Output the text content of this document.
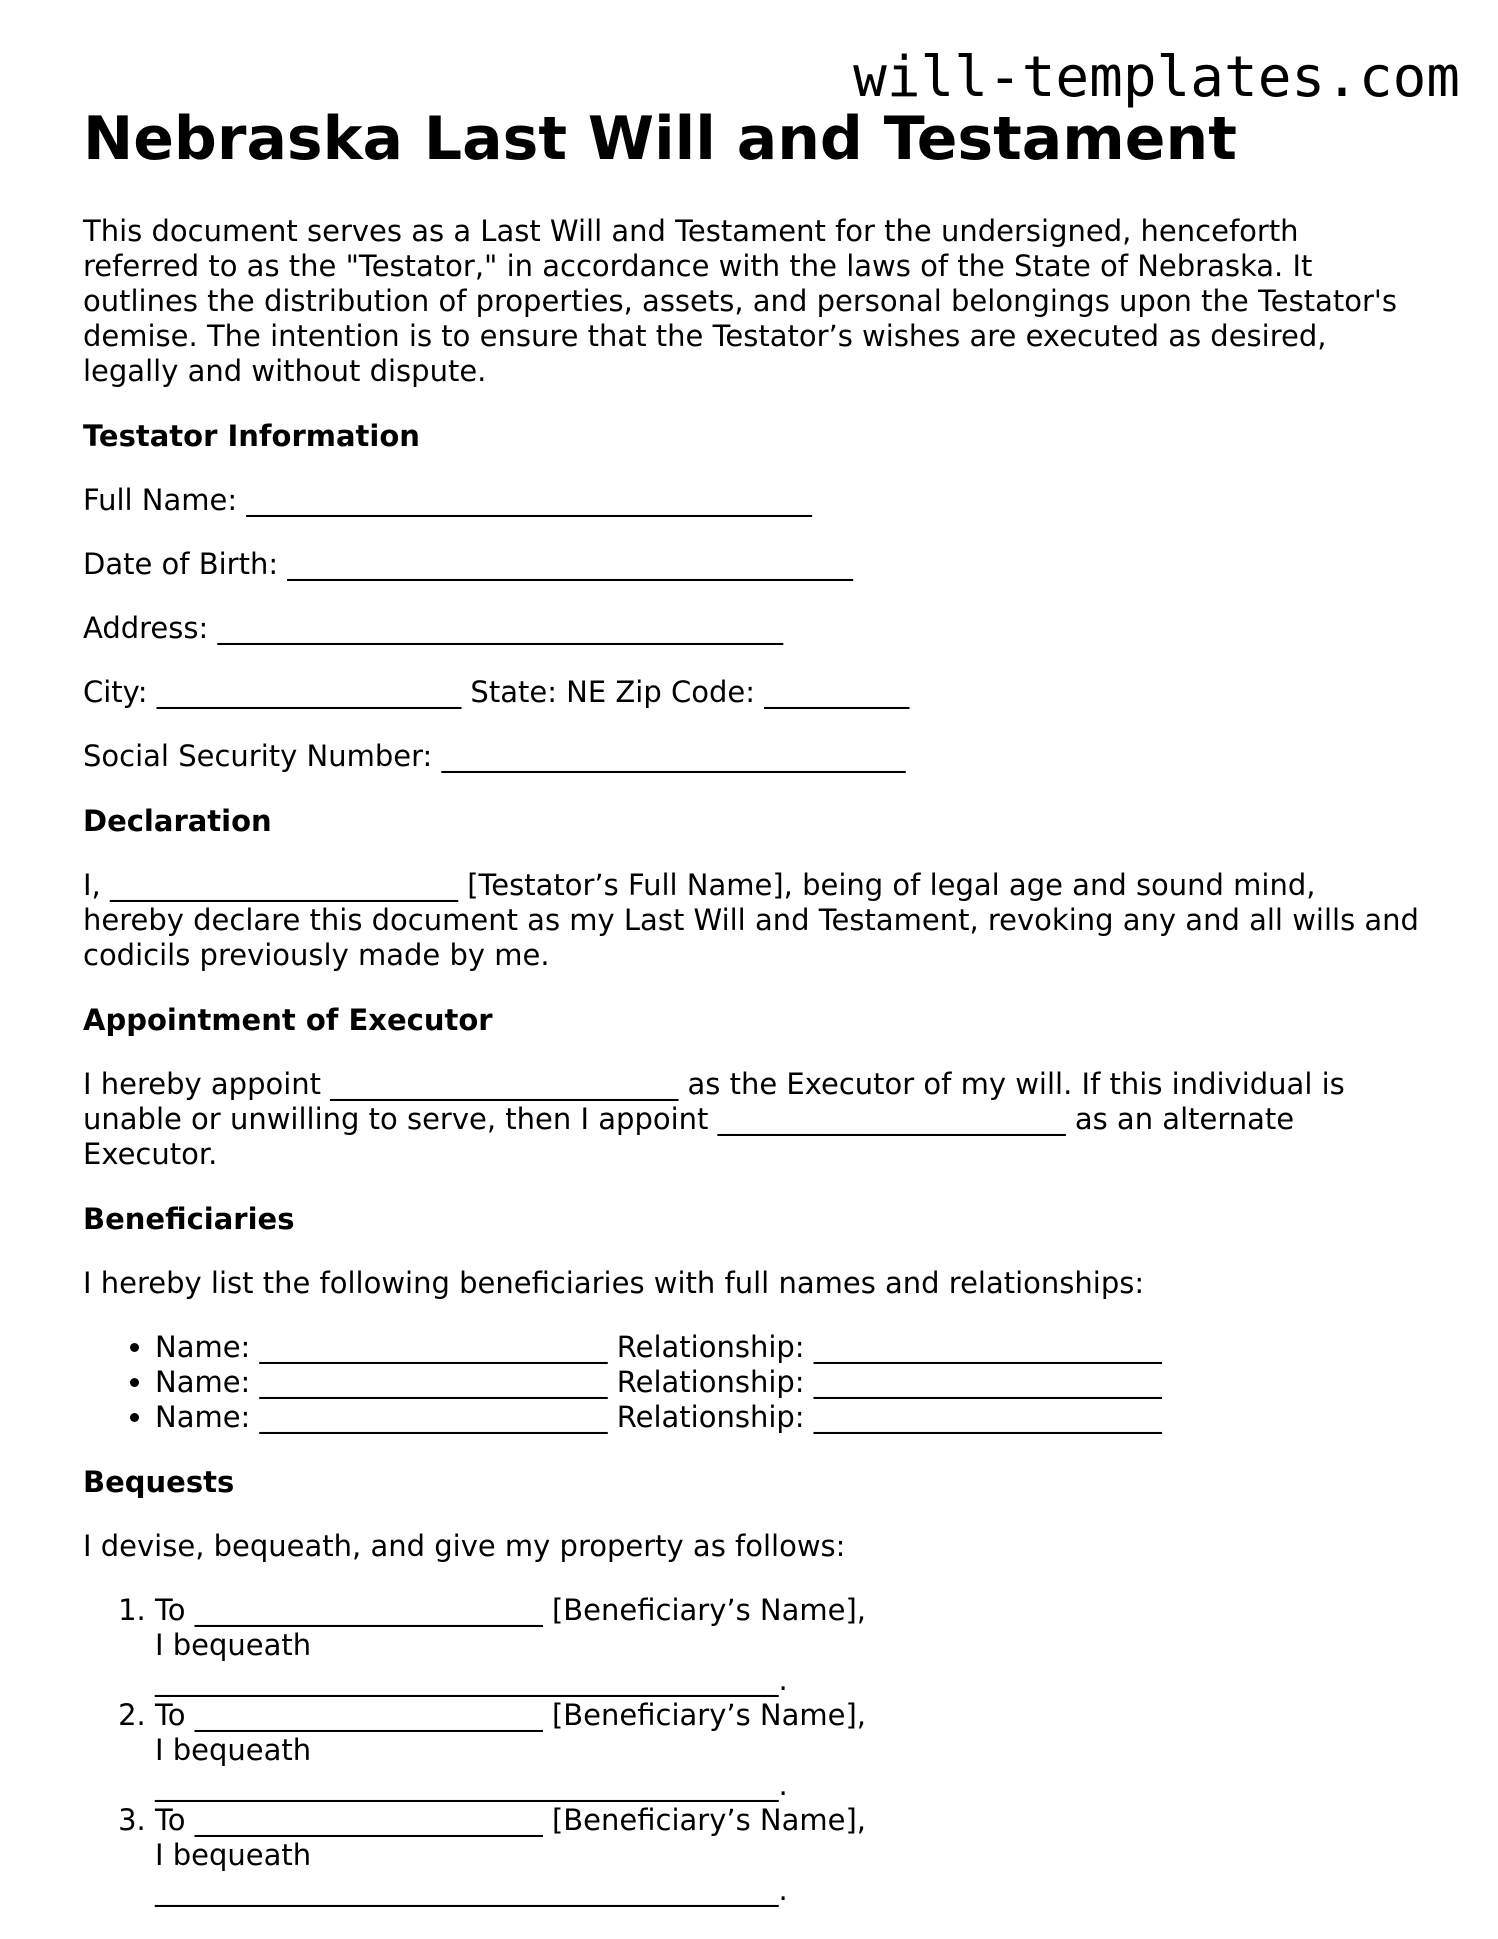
will-templates.com
Nebraska Last Will and Testament

This document serves as a Last Will and Testament for the undersigned, henceforth referred to as the "Testator," in accordance with the laws of the State of Nebraska. It outlines the distribution of properties, assets, and personal belongings upon the Testator's demise. The intention is to ensure that the Testator’s wishes are executed as desired, legally and without dispute.

Testator Information

Full Name: _______________________________________

Date of Birth: _______________________________________

Address: _______________________________________

City: _____________________ State: NE Zip Code: __________

Social Security Number: ________________________________

Declaration

I, ________________________ [Testator’s Full Name], being of legal age and sound mind, hereby declare this document as my Last Will and Testament, revoking any and all wills and codicils previously made by me.

Appointment of Executor

I hereby appoint ________________________ as the Executor of my will. If this individual is unable or unwilling to serve, then I appoint ________________________ as an alternate Executor.

Beneficiaries

I hereby list the following beneficiaries with full names and relationships:

• Name: ________________________ Relationship: ________________________
• Name: ________________________ Relationship: ________________________
• Name: ________________________ Relationship: ________________________
Bequests

I devise, bequeath, and give my property as follows:

1. To ________________________ [Beneficiary’s Name], I bequeath ___________________________________________.
2. To ________________________ [Beneficiary’s Name], I bequeath ___________________________________________.
3. To ________________________ [Beneficiary’s Name], I bequeath ___________________________________________.
